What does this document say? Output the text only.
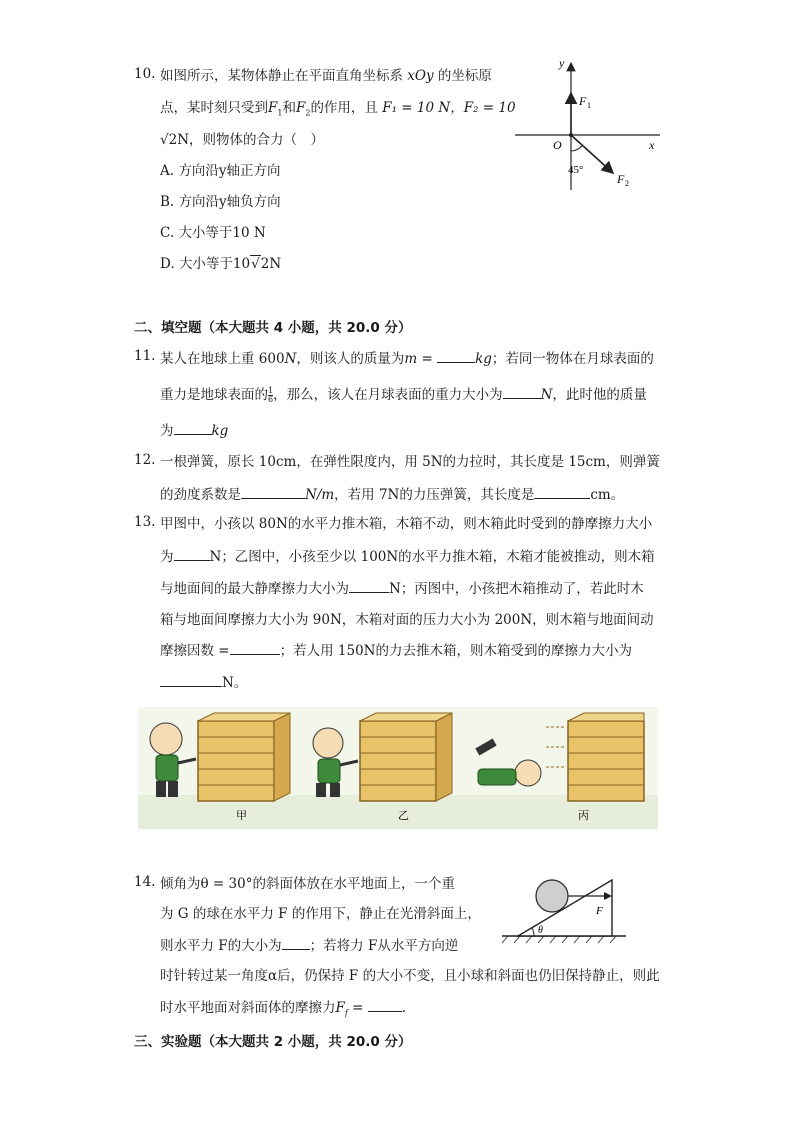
10. 如图所示，某物体静止在平面直角坐标系 xOy 的坐标原
点，某时刻只受到$F_1$和$F_2$的作用，且 F₁ = 10 N，F₂ = 10
√2N，则物体的合力（　）
A. 方向沿y轴正方向
B. 方向沿y轴负方向
C. 大小等于10 N
D. 大小等于10√2N
y
x
O
F 1
F 2
45°
二、填空题（本大题共 4 小题，共 20.0 分）
11. 某人在地球上重 600N，则该人的质量为m =	kg；若同一物体在月球表面的
重力是地球表面的 $\frac{1}{6}$ ，那么，该人在月球表面的重力大小为	N，此时他的质量
为	kg
12. 一根弹簧，原长 10cm，在弹性限度内，用 5N的力拉时，其长度是 15cm，则弹簧
的劲度系数是	N/m，若用 7N的力压弹簧，其长度是	cm。
13. 甲图中，小孩以 80N的水平力推木箱，木箱不动，则木箱此时受到的静摩擦力大小
为	N；乙图中，小孩至少以 100N的水平力推木箱，木箱才能被推动，则木箱
与地面间的最大静摩擦力大小为	N；丙图中，小孩把木箱推动了，若此时木
箱与地面间摩擦力大小为 90N，木箱对面的压力大小为 200N，则木箱与地面间动
摩擦因数 =	；若人用 150N的力去推木箱，则木箱受到的摩擦力大小为
N。
甲	乙	丙
14. 倾角为θ = 30°的斜面体放在水平地面上，一个重
为 G 的球在水平力 F 的作用下，静止在光滑斜面上，
则水平力 F的大小为 ；若将力 F从水平方向逆
时针转过某一角度α后，仍保持 F 的大小不变，且小球和斜面也仍旧保持静止，则此
时水平地面对斜面体的摩擦力$F_f$ =	.
F
θ
三、实验题（本大题共 2 小题，共 20.0 分）
